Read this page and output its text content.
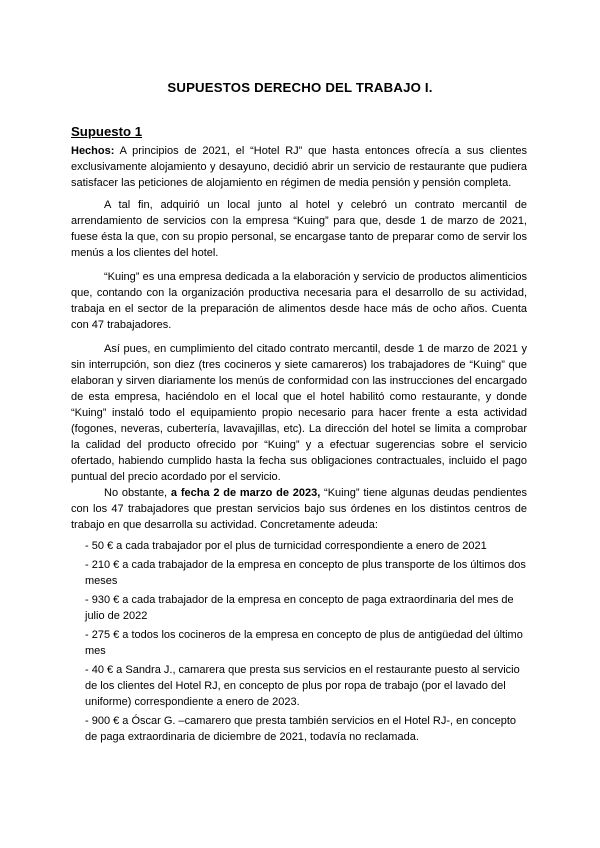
SUPUESTOS DERECHO DEL TRABAJO I.
Supuesto 1
Hechos: A principios de 2021, el “Hotel RJ” que hasta entonces ofrecía a sus clientes exclusivamente alojamiento y desayuno, decidió abrir un servicio de restaurante que pudiera satisfacer las peticiones de alojamiento en régimen de media pensión y pensión completa.
A tal fin, adquirió un local junto al hotel y celebró un contrato mercantil de arrendamiento de servicios con la empresa “Kuing” para que, desde 1 de marzo de 2021, fuese ésta la que, con su propio personal, se encargase tanto de preparar como de servir los menús a los clientes del hotel.
“Kuing” es una empresa dedicada a la elaboración y servicio de productos alimenticios que, contando con la organización productiva necesaria para el desarrollo de su actividad, trabaja en el sector de la preparación de alimentos desde hace más de ocho años. Cuenta con 47 trabajadores.
Así pues, en cumplimiento del citado contrato mercantil, desde 1 de marzo de 2021 y sin interrupción, son diez (tres cocineros y siete camareros) los trabajadores de “Kuing” que elaboran y sirven diariamente los menús de conformidad con las instrucciones del encargado de esta empresa, haciéndolo en el local que el hotel habilitó como restaurante, y donde “Kuing” instaló todo el equipamiento propio necesario para hacer frente a esta actividad (fogones, neveras, cubertería, lavavajillas, etc). La dirección del hotel se limita a comprobar la calidad del producto ofrecido por “Kuing” y a efectuar sugerencias sobre el servicio ofertado, habiendo cumplido hasta la fecha sus obligaciones contractuales, incluido el pago puntual del precio acordado por el servicio.
No obstante, a fecha 2 de marzo de 2023, “Kuing” tiene algunas deudas pendientes con los 47 trabajadores que prestan servicios bajo sus órdenes en los distintos centros de trabajo en que desarrolla su actividad. Concretamente adeuda:
- 50 € a cada trabajador por el plus de turnicidad correspondiente a enero de 2021
- 210 € a cada trabajador de la empresa en concepto de plus transporte de los últimos dos meses
- 930 € a cada trabajador de la empresa en concepto de paga extraordinaria del mes de julio de 2022
- 275 € a todos los cocineros de la empresa en concepto de plus de antigüedad del último mes
- 40 € a Sandra J., camarera que presta sus servicios en el restaurante puesto al servicio de los clientes del Hotel RJ, en concepto de plus por ropa de trabajo (por el lavado del uniforme) correspondiente a enero de 2023.
- 900 € a Óscar G. –camarero que presta también servicios en el Hotel RJ-, en concepto de paga extraordinaria de diciembre de 2021, todavía no reclamada.
